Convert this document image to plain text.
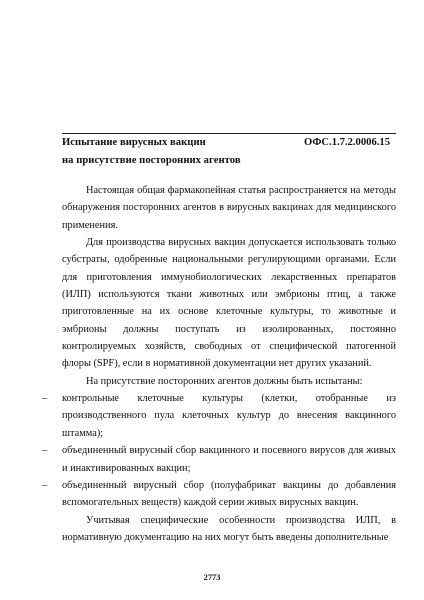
Испытание вирусных вакцин
на присутствие посторонних агентов
ОФС.1.7.2.0006.15

Настоящая общая фармакопейная статья распространяется на методы обнаружения посторонних агентов в вирусных вакцинах для медицинского применения.

Для производства вирусных вакцин допускается использовать только субстраты, одобренные национальными регулирующими органами. Если для приготовления иммунобиологических лекарственных препаратов (ИЛП) используются ткани животных или эмбрионы птиц, а также приготовленные на их основе клеточные культуры, то животные и эмбрионы должны поступать из изолированных, постоянно контролируемых хозяйств, свободных от специфической патогенной флоры (SPF), если в нормативной документации нет других указаний.

На присутствие посторонних агентов должны быть испытаны:

– контрольные клеточные культуры (клетки, отобранные из производственного пула клеточных культур до внесения вакцинного штамма);
– объединенный вирусный сбор вакцинного и посевного вирусов для живых и инактивированных вакцин;
– объединенный вирусный сбор (полуфабрикат вакцины до добавления вспомогательных веществ) каждой серии живых вирусных вакцин.

Учитывая специфические особенности производства ИЛП, в нормативную документацию на них могут быть введены дополнительные

2773
